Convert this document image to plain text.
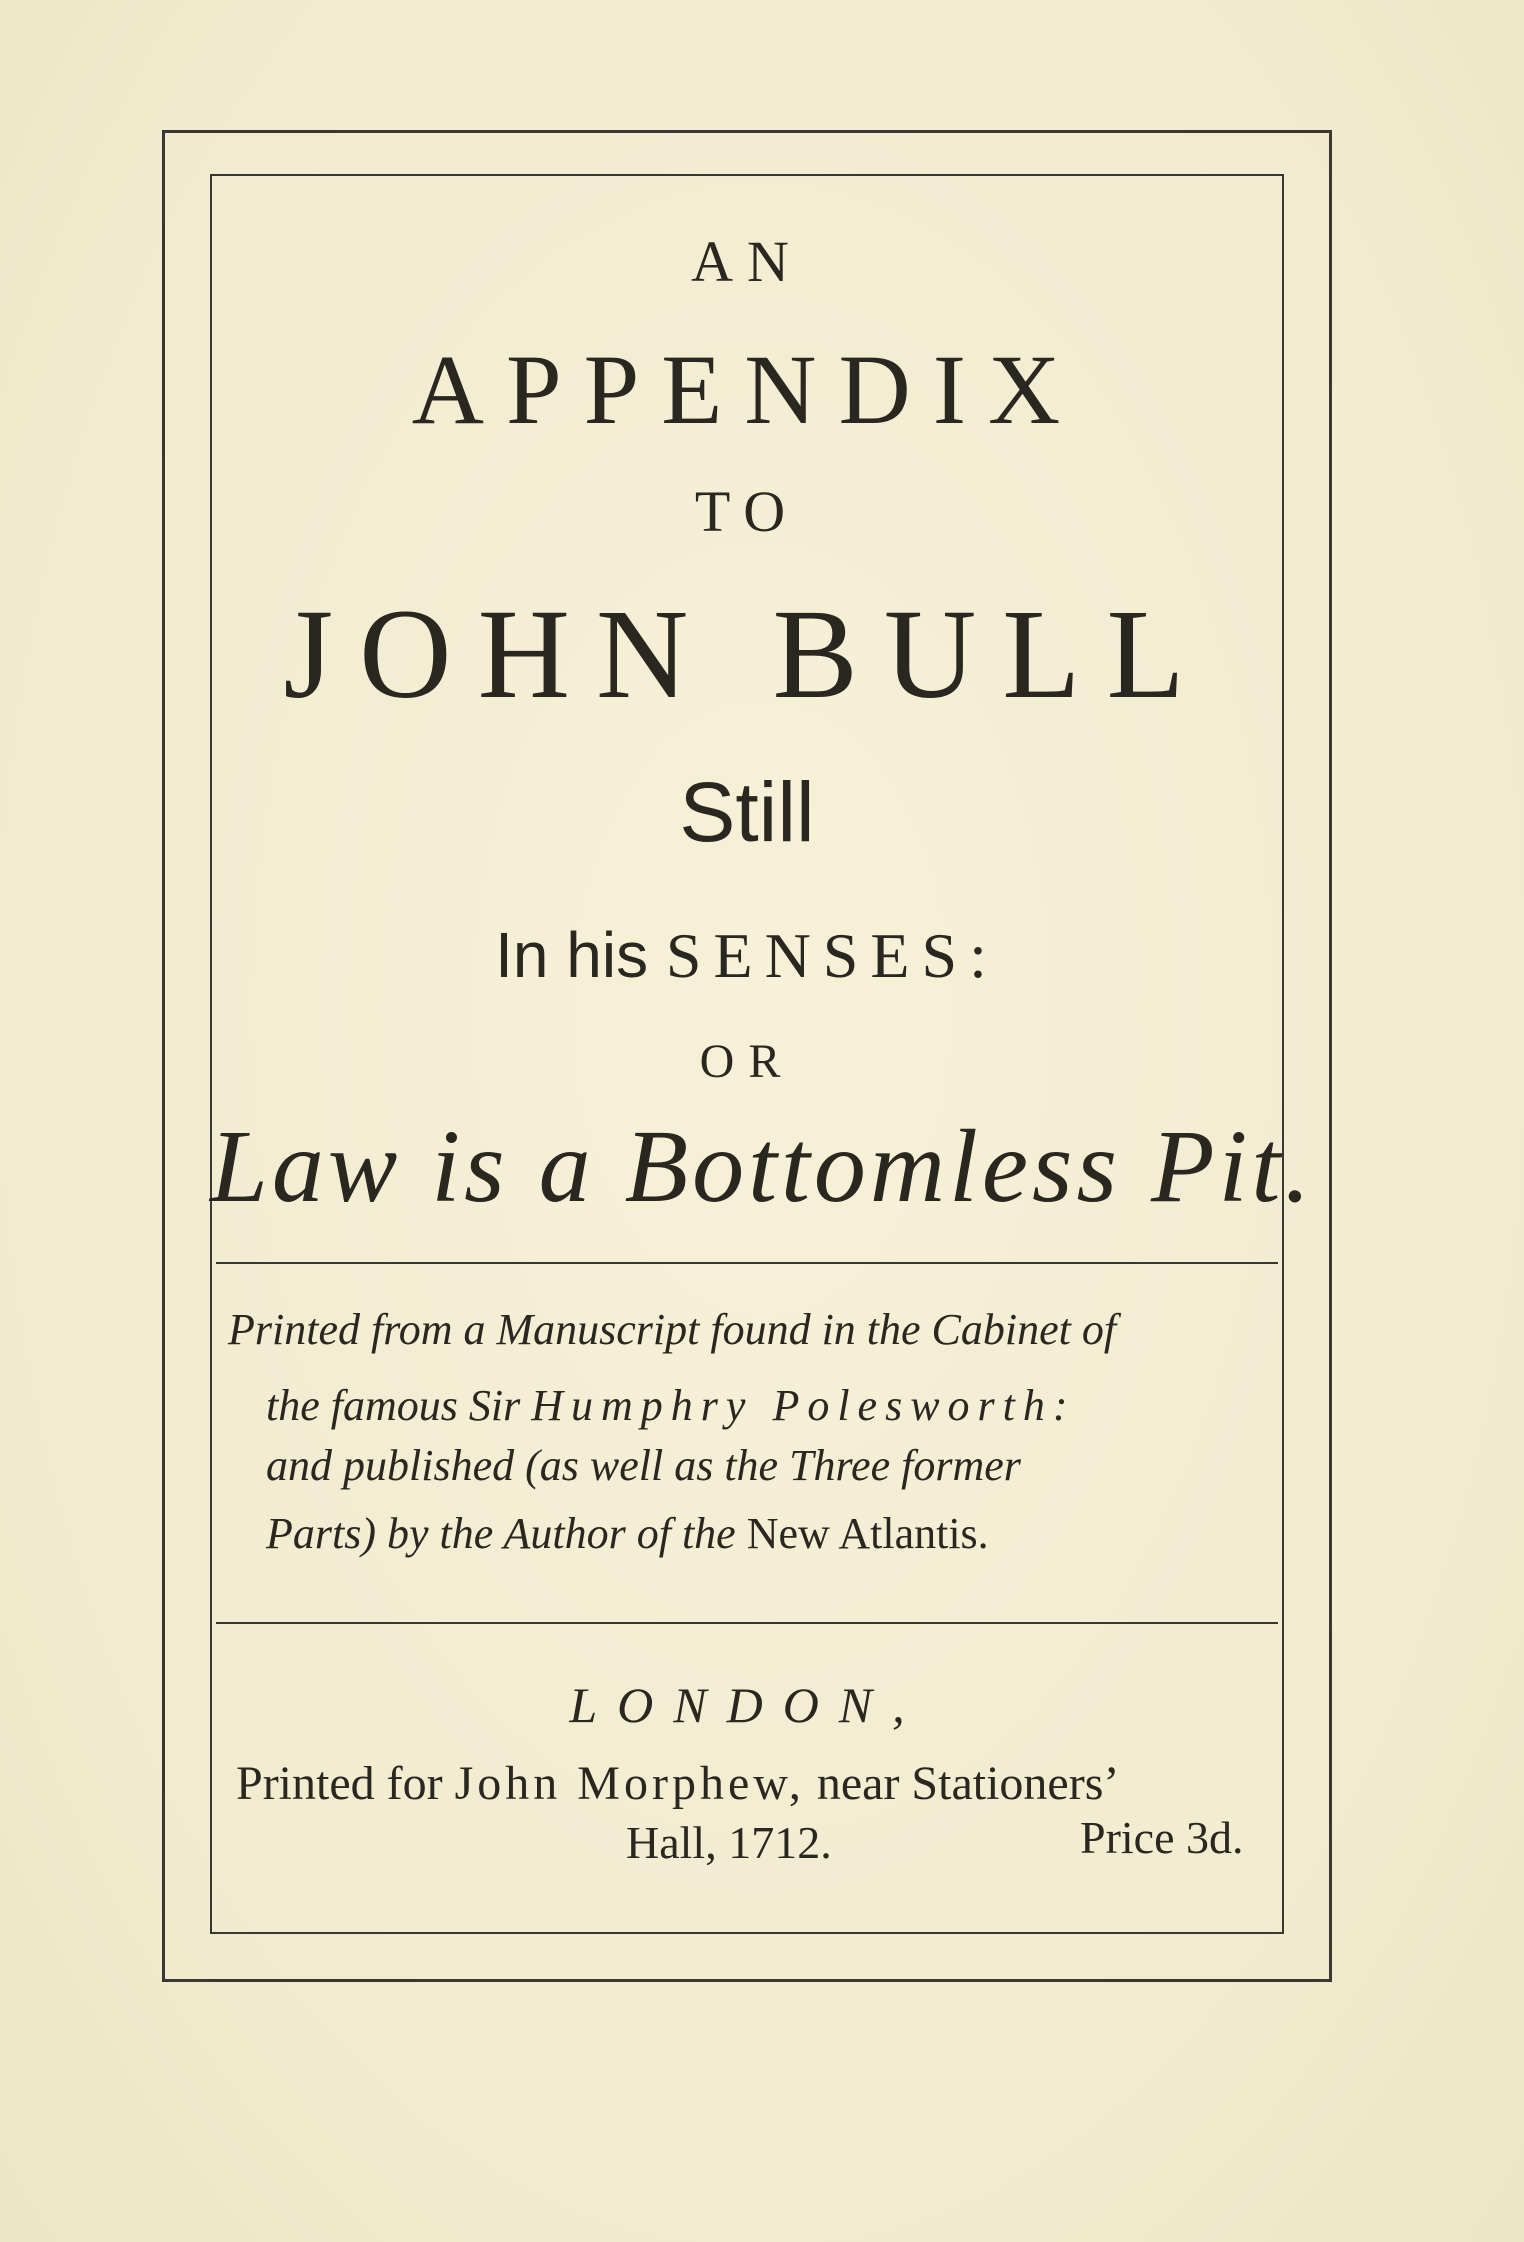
AN
APPENDIX
TO
JOHN BULL
Still
In his SENSES:
OR
Law is a Bottomless Pit.
Printed from a Manuscript found in the Cabinet of
the famous Sir Humphry Polesworth:
and published (as well as the Three former
Parts) by the Author of the New Atlantis.
LONDON,
Printed for John Morphew, near Stationers’
Hall, 1712.	Price 3d.
